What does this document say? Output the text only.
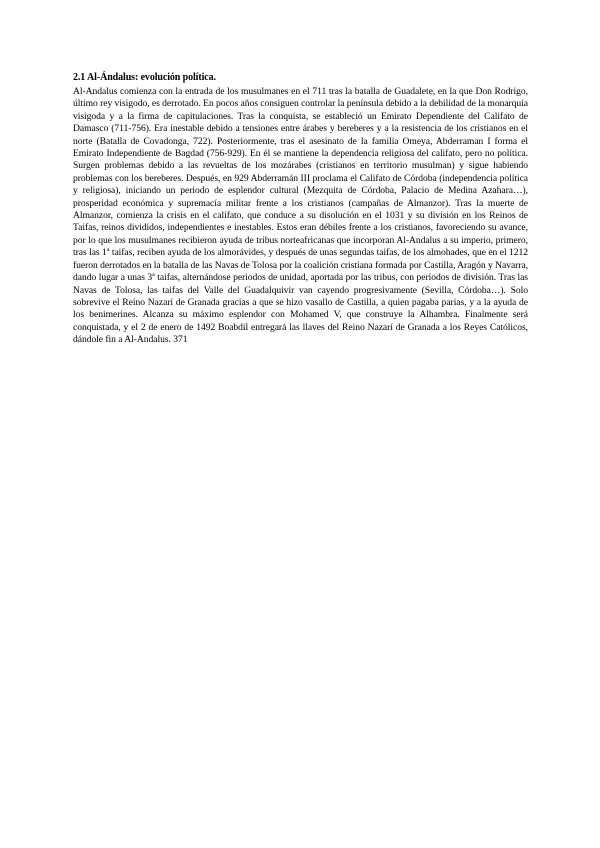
2.1 Al-Ándalus: evolución política.

Al-Andalus comienza con la entrada de los musulmanes en el 711 tras la batalla de Guadalete, en la que Don Rodrigo, último rey visigodo, es derrotado. En pocos años consiguen controlar la península debido a la debilidad de la monarquía visigoda y a la firma de capitulaciones. Tras la conquista, se estableció un Emirato Dependiente del Califato de Damasco (711-756). Era inestable debido a tensiones entre árabes y bereberes y a la resistencia de los cristianos en el norte (Batalla de Covadonga, 722). Posteriormente, tras el asesinato de la familia Omeya, Abderraman I forma el Emirato Independiente de Bagdad (756-929). En él se mantiene la dependencia religiosa del califato, pero no política. Surgen problemas debido a las revueltas de los mozárabes (cristianos en territorio musulman) y sigue habiendo problemas con los bereberes. Después, en 929 Abderramán III proclama el Califato de Córdoba (independencia política y religiosa), iniciando un periodo de esplendor cultural (Mezquita de Córdoba, Palacio de Medina Azahara…), prosperidad económica y supremacía militar frente a los cristianos (campañas de Almanzor). Tras la muerte de Almanzor, comienza la crisis en el califato, que conduce a su disolución en el 1031 y su división en los Reinos de Taifas, reinos divididos, independientes e inestables. Estos eran débiles frente a los cristianos, favoreciendo su avance, por lo que los musulmanes recibieron ayuda de tribus norteafricanas que incorporan Al-Andalus a su imperio, primero, tras las 1ª taifas, reciben ayuda de los almorávides, y después de unas segundas taifas, de los almohades, que en el 1212 fueron derrotados en la batalla de las Navas de Tolosa por la coalición cristiana formada por Castilla, Aragón y Navarra, dando lugar a unas 3ª taifas, alternándose periodos de unidad, aportada por las tribus, con periodos de división. Tras las Navas de Tolosa, las taifas del Valle del Guadalquivir van cayendo progresivamente (Sevilla, Córdoba…). Solo sobrevive el Reino Nazarí de Granada gracias a que se hizo vasallo de Castilla, a quien pagaba parias, y a la ayuda de los benimerines. Alcanza su máximo esplendor con Mohamed V, que construye la Alhambra. Finalmente será conquistada, y el 2 de enero de 1492 Boabdil entregará las llaves del Reino Nazarí de Granada a los Reyes Católicos, dándole fin a Al-Andalus. 371
